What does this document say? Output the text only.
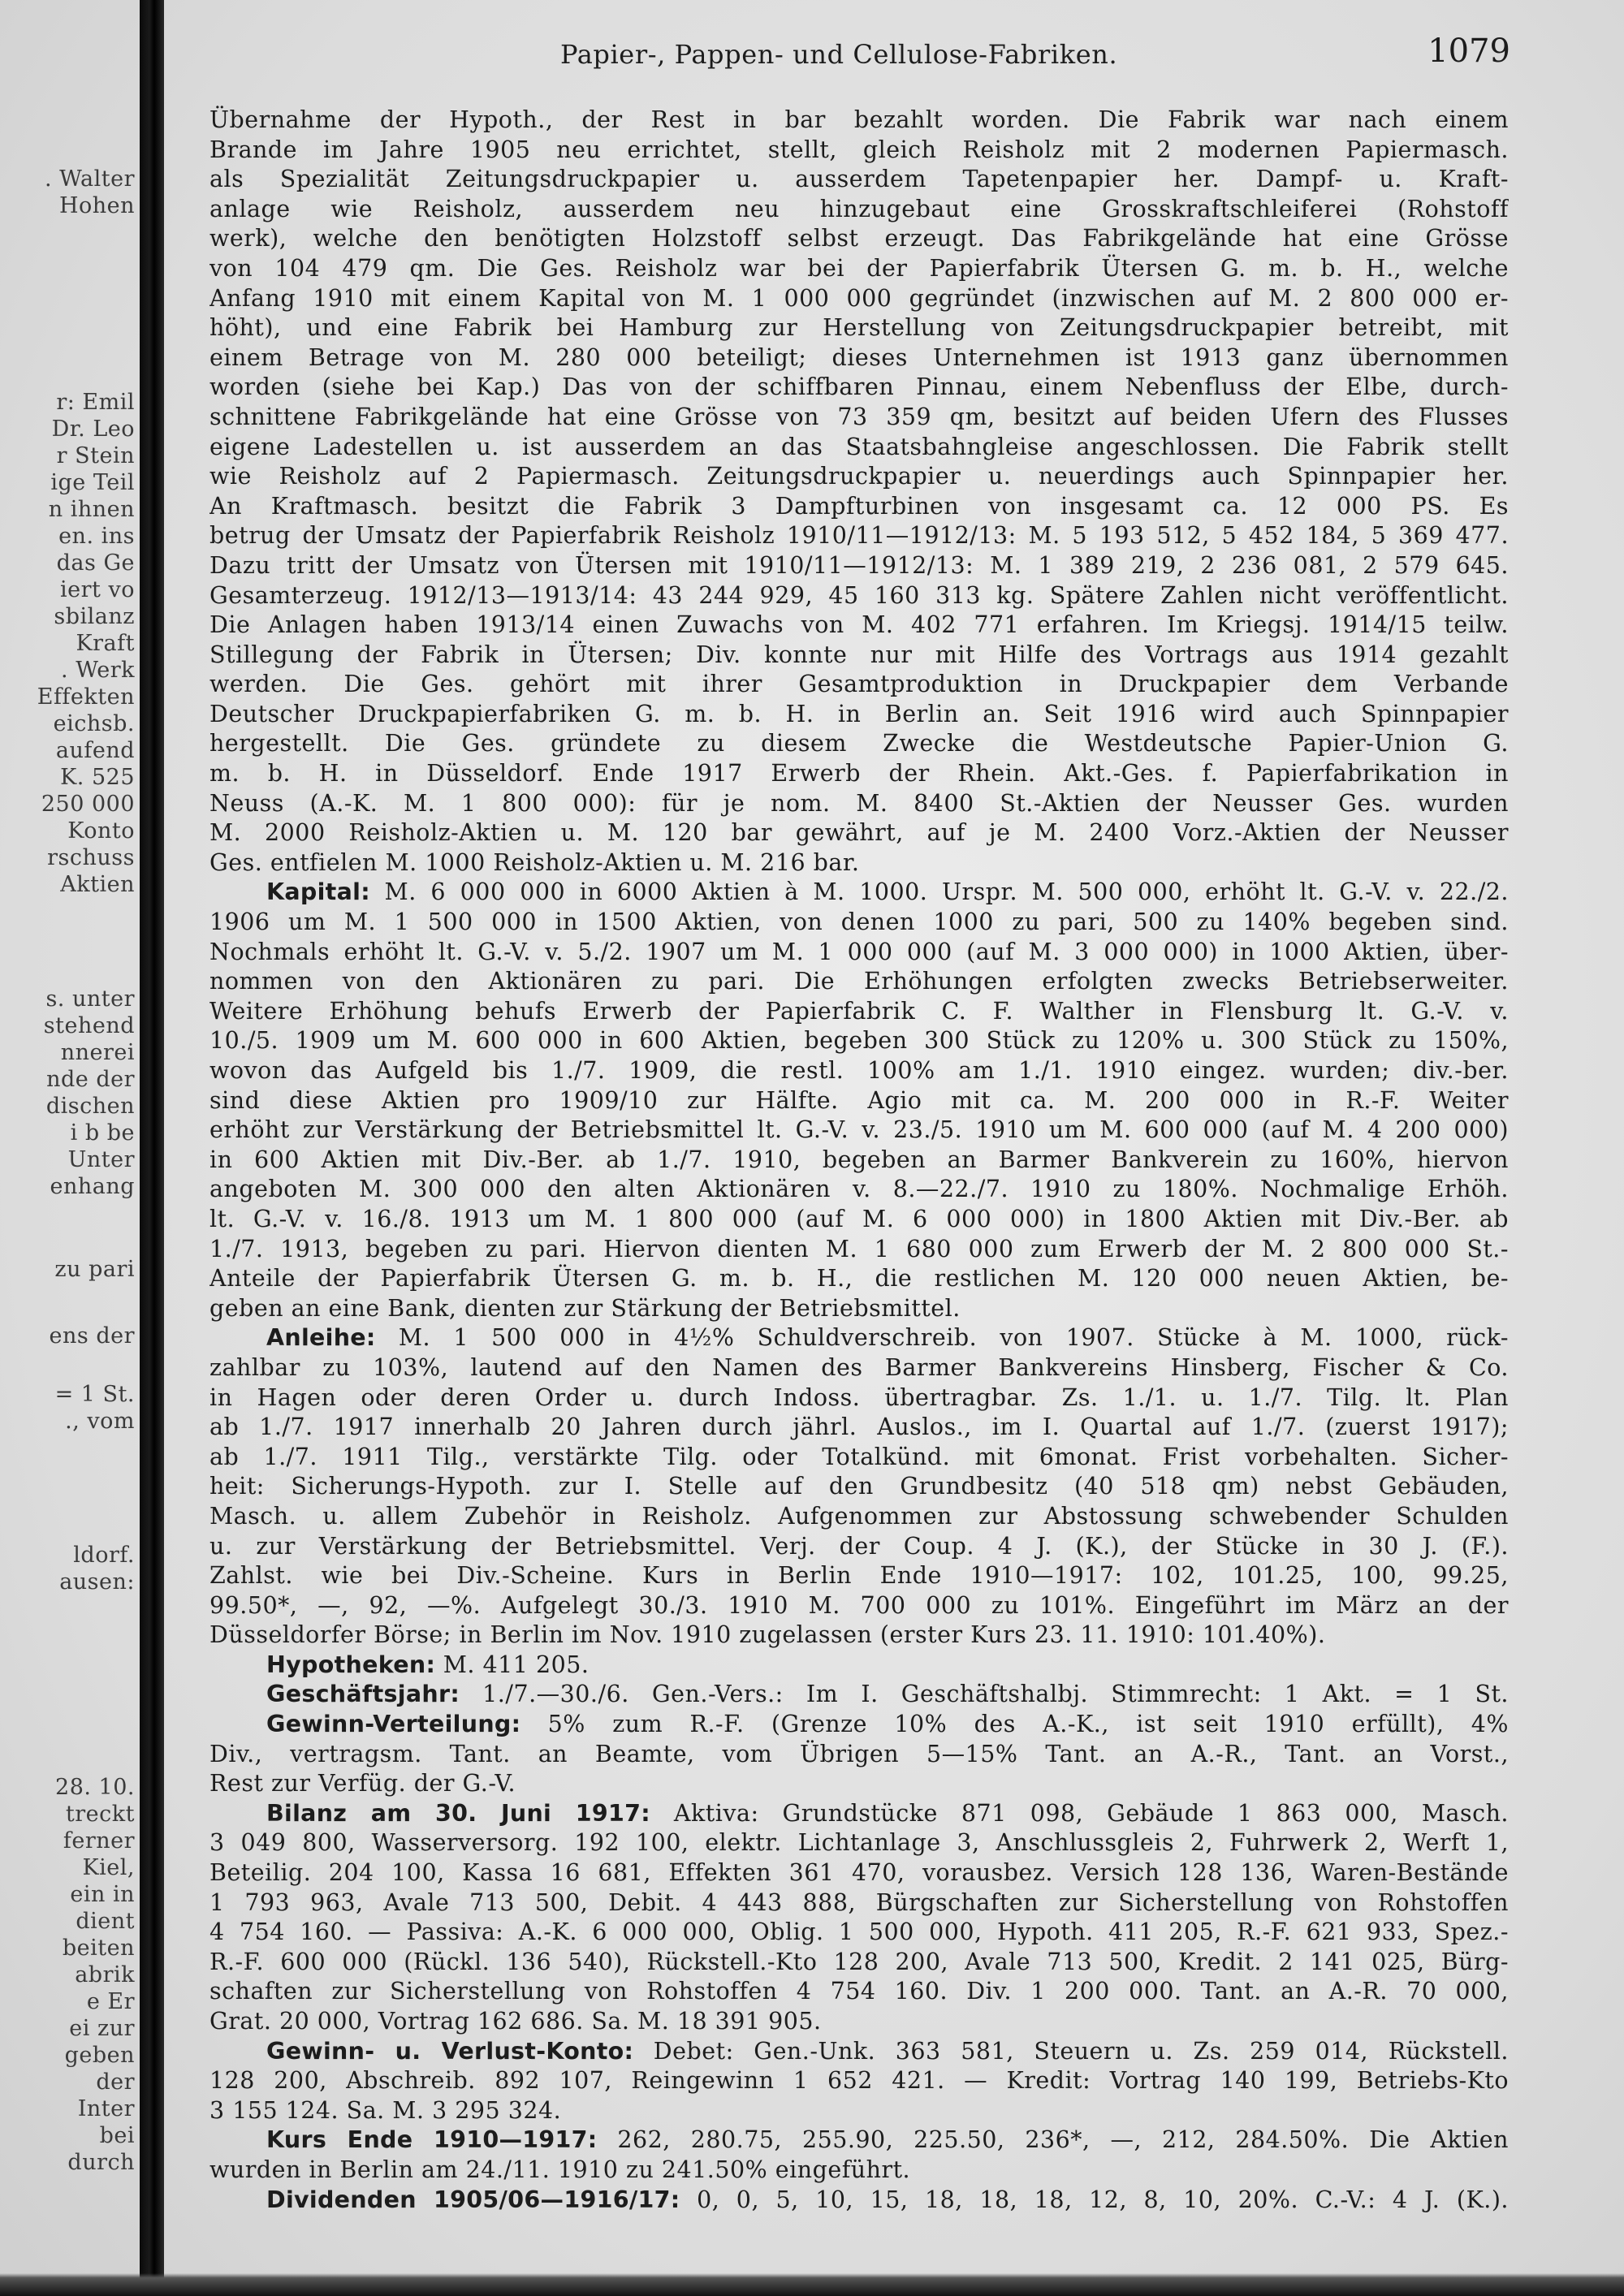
. Walter
Hohen
r: Emil
Dr. Leo
r Stein
ige Teil
n ihnen
en. ins
das Ge
iert vo
sbilanz
Kraft
. Werk
Effekten
eichsb.
aufend
K. 525
250 000
Konto
rschuss
Aktien
s. unter
stehend
nnerei
nde der
dischen
i b be
Unter
enhang
zu pari
ens der
= 1 St.
., vom
ldorf.
ausen:
28. 10.
treckt
ferner
Kiel,
ein in
dient
beiten
abrik
e Er
ei zur
geben
der
Inter
bei
durch
Papier-, Pappen- und Cellulose-Fabriken.	1079
Übernahme der Hypoth., der Rest in bar bezahlt worden. Die Fabrik war nach einem
Brande im Jahre 1905 neu errichtet, stellt, gleich Reisholz mit 2 modernen Papiermasch.
als Spezialität Zeitungsdruckpapier u. ausserdem Tapetenpapier her. Dampf- u. Kraft-
anlage wie Reisholz, ausserdem neu hinzugebaut eine Grosskraftschleiferei (Rohstoff
werk), welche den benötigten Holzstoff selbst erzeugt. Das Fabrikgelände hat eine Grösse
von 104 479 qm. Die Ges. Reisholz war bei der Papierfabrik Ütersen G. m. b. H., welche
Anfang 1910 mit einem Kapital von M. 1 000 000 gegründet (inzwischen auf M. 2 800 000 er-
höht), und eine Fabrik bei Hamburg zur Herstellung von Zeitungsdruckpapier betreibt, mit
einem Betrage von M. 280 000 beteiligt; dieses Unternehmen ist 1913 ganz übernommen
worden (siehe bei Kap.) Das von der schiffbaren Pinnau, einem Nebenfluss der Elbe, durch-
schnittene Fabrikgelände hat eine Grösse von 73 359 qm, besitzt auf beiden Ufern des Flusses
eigene Ladestellen u. ist ausserdem an das Staatsbahngleise angeschlossen. Die Fabrik stellt
wie Reisholz auf 2 Papiermasch. Zeitungsdruckpapier u. neuerdings auch Spinnpapier her.
An Kraftmasch. besitzt die Fabrik 3 Dampfturbinen von insgesamt ca. 12 000 PS. Es
betrug der Umsatz der Papierfabrik Reisholz 1910/11—1912/13: M. 5 193 512, 5 452 184, 5 369 477.
Dazu tritt der Umsatz von Ütersen mit 1910/11—1912/13: M. 1 389 219, 2 236 081, 2 579 645.
Gesamterzeug. 1912/13—1913/14: 43 244 929, 45 160 313 kg. Spätere Zahlen nicht veröffentlicht.
Die Anlagen haben 1913/14 einen Zuwachs von M. 402 771 erfahren. Im Kriegsj. 1914/15 teilw.
Stillegung der Fabrik in Ütersen; Div. konnte nur mit Hilfe des Vortrags aus 1914 gezahlt
werden. Die Ges. gehört mit ihrer Gesamtproduktion in Druckpapier dem Verbande
Deutscher Druckpapierfabriken G. m. b. H. in Berlin an. Seit 1916 wird auch Spinnpapier
hergestellt. Die Ges. gründete zu diesem Zwecke die Westdeutsche Papier-Union G.
m. b. H. in Düsseldorf. Ende 1917 Erwerb der Rhein. Akt.-Ges. f. Papierfabrikation in
Neuss (A.-K. M. 1 800 000): für je nom. M. 8400 St.-Aktien der Neusser Ges. wurden
M. 2000 Reisholz-Aktien u. M. 120 bar gewährt, auf je M. 2400 Vorz.-Aktien der Neusser
Ges. entfielen M. 1000 Reisholz-Aktien u. M. 216 bar.
Kapital: M. 6 000 000 in 6000 Aktien à M. 1000. Urspr. M. 500 000, erhöht lt. G.-V. v. 22./2.
1906 um M. 1 500 000 in 1500 Aktien, von denen 1000 zu pari, 500 zu 140% begeben sind.
Nochmals erhöht lt. G.-V. v. 5./2. 1907 um M. 1 000 000 (auf M. 3 000 000) in 1000 Aktien, über-
nommen von den Aktionären zu pari. Die Erhöhungen erfolgten zwecks Betriebserweiter.
Weitere Erhöhung behufs Erwerb der Papierfabrik C. F. Walther in Flensburg lt. G.-V. v.
10./5. 1909 um M. 600 000 in 600 Aktien, begeben 300 Stück zu 120% u. 300 Stück zu 150%,
wovon das Aufgeld bis 1./7. 1909, die restl. 100% am 1./1. 1910 eingez. wurden; div.-ber.
sind diese Aktien pro 1909/10 zur Hälfte. Agio mit ca. M. 200 000 in R.-F. Weiter
erhöht zur Verstärkung der Betriebsmittel lt. G.-V. v. 23./5. 1910 um M. 600 000 (auf M. 4 200 000)
in 600 Aktien mit Div.-Ber. ab 1./7. 1910, begeben an Barmer Bankverein zu 160%, hiervon
angeboten M. 300 000 den alten Aktionären v. 8.—22./7. 1910 zu 180%. Nochmalige Erhöh.
lt. G.-V. v. 16./8. 1913 um M. 1 800 000 (auf M. 6 000 000) in 1800 Aktien mit Div.-Ber. ab
1./7. 1913, begeben zu pari. Hiervon dienten M. 1 680 000 zum Erwerb der M. 2 800 000 St.-
Anteile der Papierfabrik Ütersen G. m. b. H., die restlichen M. 120 000 neuen Aktien, be-
geben an eine Bank, dienten zur Stärkung der Betriebsmittel.
Anleihe: M. 1 500 000 in 4½% Schuldverschreib. von 1907. Stücke à M. 1000, rück-
zahlbar zu 103%, lautend auf den Namen des Barmer Bankvereins Hinsberg, Fischer & Co.
in Hagen oder deren Order u. durch Indoss. übertragbar. Zs. 1./1. u. 1./7. Tilg. lt. Plan
ab 1./7. 1917 innerhalb 20 Jahren durch jährl. Auslos., im I. Quartal auf 1./7. (zuerst 1917);
ab 1./7. 1911 Tilg., verstärkte Tilg. oder Totalkünd. mit 6monat. Frist vorbehalten. Sicher-
heit: Sicherungs-Hypoth. zur I. Stelle auf den Grundbesitz (40 518 qm) nebst Gebäuden,
Masch. u. allem Zubehör in Reisholz. Aufgenommen zur Abstossung schwebender Schulden
u. zur Verstärkung der Betriebsmittel. Verj. der Coup. 4 J. (K.), der Stücke in 30 J. (F.).
Zahlst. wie bei Div.-Scheine. Kurs in Berlin Ende 1910—1917: 102, 101.25, 100, 99.25,
99.50*, —, 92, —%. Aufgelegt 30./3. 1910 M. 700 000 zu 101%. Eingeführt im März an der
Düsseldorfer Börse; in Berlin im Nov. 1910 zugelassen (erster Kurs 23. 11. 1910: 101.40%).
Hypotheken: M. 411 205.
Geschäftsjahr: 1./7.—30./6. Gen.-Vers.: Im I. Geschäftshalbj. Stimmrecht: 1 Akt. = 1 St.
Gewinn-Verteilung: 5% zum R.-F. (Grenze 10% des A.-K., ist seit 1910 erfüllt), 4%
Div., vertragsm. Tant. an Beamte, vom Übrigen 5—15% Tant. an A.-R., Tant. an Vorst.,
Rest zur Verfüg. der G.-V.
Bilanz am 30. Juni 1917: Aktiva: Grundstücke 871 098, Gebäude 1 863 000, Masch.
3 049 800, Wasserversorg. 192 100, elektr. Lichtanlage 3, Anschlussgleis 2, Fuhrwerk 2, Werft 1,
Beteilig. 204 100, Kassa 16 681, Effekten 361 470, vorausbez. Versich 128 136, Waren-Bestände
1 793 963, Avale 713 500, Debit. 4 443 888, Bürgschaften zur Sicherstellung von Rohstoffen
4 754 160. — Passiva: A.-K. 6 000 000, Oblig. 1 500 000, Hypoth. 411 205, R.-F. 621 933, Spez.-
R.-F. 600 000 (Rückl. 136 540), Rückstell.-Kto 128 200, Avale 713 500, Kredit. 2 141 025, Bürg-
schaften zur Sicherstellung von Rohstoffen 4 754 160. Div. 1 200 000. Tant. an A.-R. 70 000,
Grat. 20 000, Vortrag 162 686. Sa. M. 18 391 905.
Gewinn- u. Verlust-Konto: Debet: Gen.-Unk. 363 581, Steuern u. Zs. 259 014, Rückstell.
128 200, Abschreib. 892 107, Reingewinn 1 652 421. — Kredit: Vortrag 140 199, Betriebs-Kto
3 155 124. Sa. M. 3 295 324.
Kurs Ende 1910—1917: 262, 280.75, 255.90, 225.50, 236*, —, 212, 284.50%. Die Aktien
wurden in Berlin am 24./11. 1910 zu 241.50% eingeführt.
Dividenden 1905/06—1916/17: 0, 0, 5, 10, 15, 18, 18, 18, 12, 8, 10, 20%. C.-V.: 4 J. (K.).
